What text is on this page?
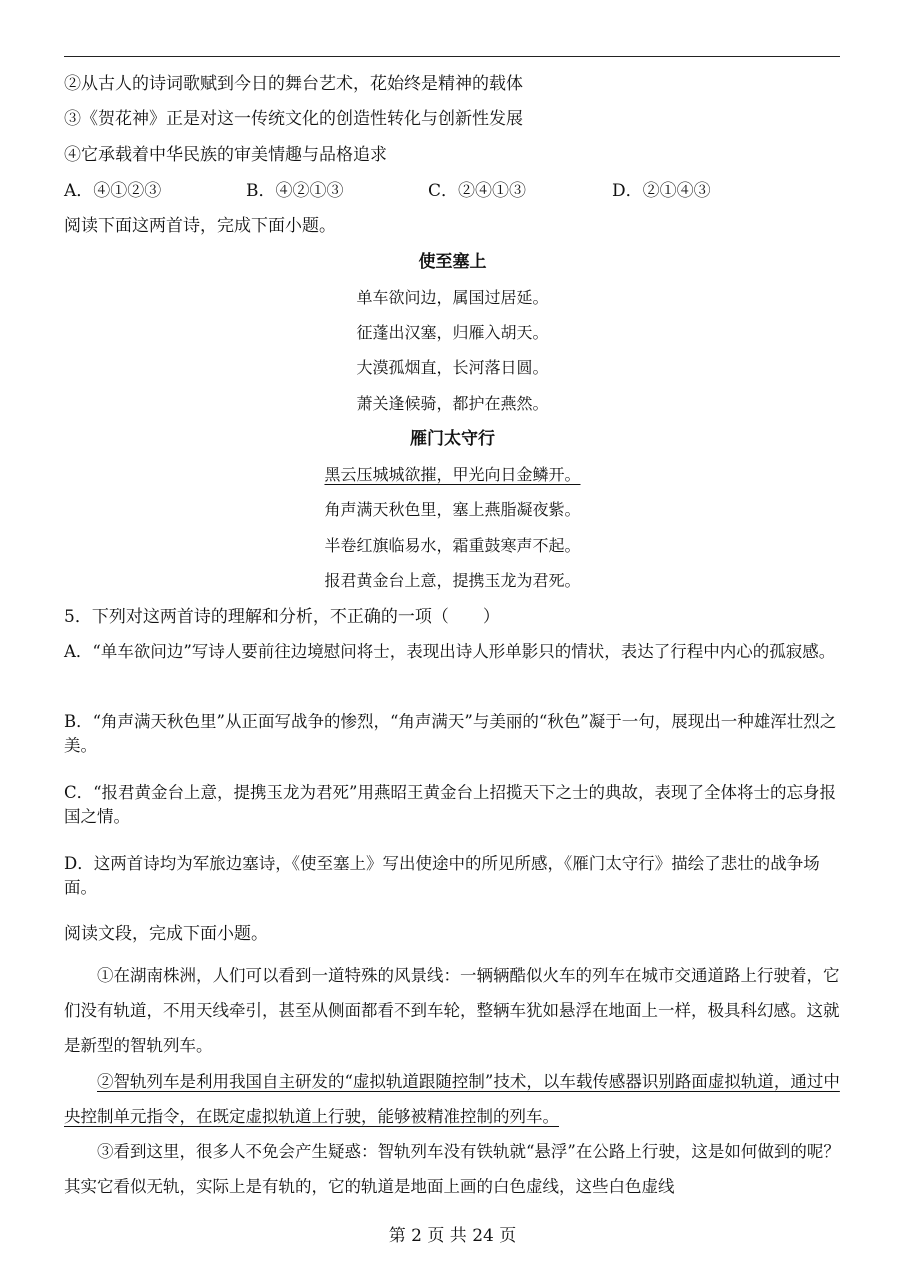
②从古人的诗词歌赋到今日的舞台艺术，花始终是精神的载体
③《贺花神》正是对这一传统文化的创造性转化与创新性发展
④它承载着中华民族的审美情趣与品格追求
A．④①②③	B．④②①③	C．②④①③	D．②①④③
阅读下面这两首诗，完成下面小题。
使至塞上
单车欲问边，属国过居延。
征蓬出汉塞，归雁入胡天。
大漠孤烟直，长河落日圆。
萧关逢候骑，都护在燕然。
雁门太守行
黑云压城城欲摧，甲光向日金鳞开。
角声满天秋色里，塞上燕脂凝夜紫。
半卷红旗临易水，霜重鼓寒声不起。
报君黄金台上意，提携玉龙为君死。
5．下列对这两首诗的理解和分析，不正确的一项（　　）
A．“单车欲问边”写诗人要前往边境慰问将士，表现出诗人形单影只的情状，表达了行程中内心的孤寂感。
B．“角声满天秋色里”从正面写战争的惨烈，“角声满天”与美丽的“秋色”凝于一句，展现出一种雄浑壮烈之美。
C．“报君黄金台上意，提携玉龙为君死”用燕昭王黄金台上招揽天下之士的典故，表现了全体将士的忘身报国之情。
D．这两首诗均为军旅边塞诗，《使至塞上》写出使途中的所见所感，《雁门太守行》描绘了悲壮的战争场面。
阅读文段，完成下面小题。
①在湖南株洲，人们可以看到一道特殊的风景线：一辆辆酷似火车的列车在城市交通道路上行驶着，它们没有轨道，不用天线牵引，甚至从侧面都看不到车轮，整辆车犹如悬浮在地面上一样，极具科幻感。这就是新型的智轨列车。
②智轨列车是利用我国自主研发的“虚拟轨道跟随控制”技术，以车载传感器识别路面虚拟轨道，通过中央控制单元指令，在既定虚拟轨道上行驶，能够被精准控制的列车。
③看到这里，很多人不免会产生疑惑：智轨列车没有铁轨就“悬浮”在公路上行驶，这是如何做到的呢？其实它看似无轨，实际上是有轨的，它的轨道是地面上画的白色虚线，这些白色虚线
第 2 页 共 24 页
